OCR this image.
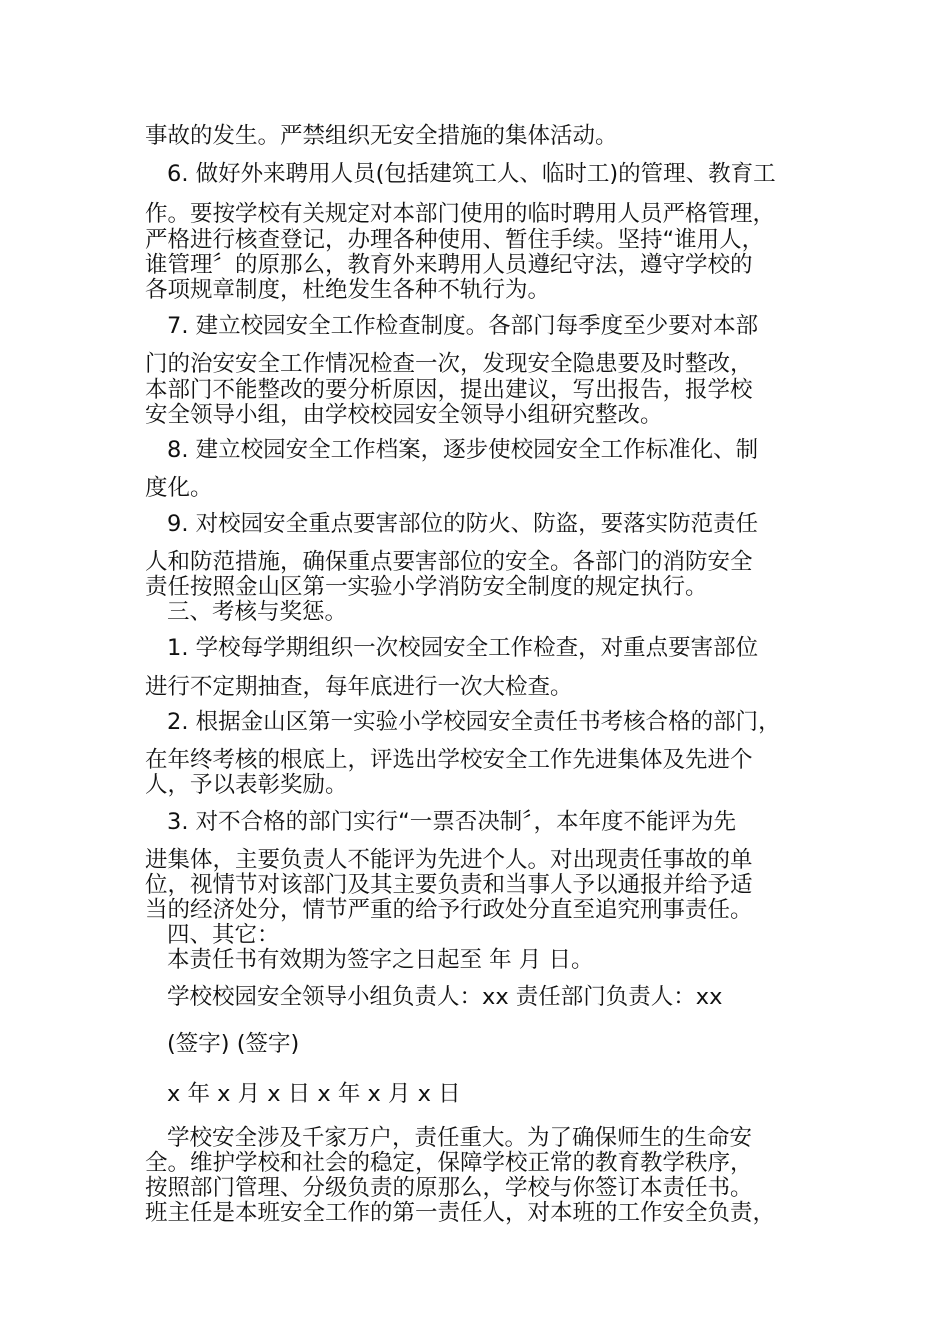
事故的发生。严禁组织无安全措施的集体活动。
6. 做好外来聘用人员(包括建筑工人、临时工)的管理、教育工
作。要按学校有关规定对本部门使用的临时聘用人员严格管理，
严格进行核查登记，办理各种使用、暂住手续。坚持“谁用人，
谁管理〞的原那么，教育外来聘用人员遵纪守法，遵守学校的
各项规章制度，杜绝发生各种不轨行为。
7. 建立校园安全工作检查制度。各部门每季度至少要对本部
门的治安安全工作情况检查一次，发现安全隐患要及时整改，
本部门不能整改的要分析原因，提出建议，写出报告，报学校
安全领导小组，由学校校园安全领导小组研究整改。
8. 建立校园安全工作档案，逐步使校园安全工作标准化、制
度化。
9. 对校园安全重点要害部位的防火、防盗，要落实防范责任
人和防范措施，确保重点要害部位的安全。各部门的消防安全
责任按照金山区第一实验小学消防安全制度的规定执行。
三、考核与奖惩。
1. 学校每学期组织一次校园安全工作检查，对重点要害部位
进行不定期抽查，每年底进行一次大检查。
2. 根据金山区第一实验小学校园安全责任书考核合格的部门，
在年终考核的根底上，评选出学校安全工作先进集体及先进个
人，予以表彰奖励。
3. 对不合格的部门实行“一票否决制〞，本年度不能评为先
进集体，主要负责人不能评为先进个人。对出现责任事故的单
位，视情节对该部门及其主要负责和当事人予以通报并给予适
当的经济处分，情节严重的给予行政处分直至追究刑事责任。
四、其它：
本责任书有效期为签字之日起至 年 月 日。
学校校园安全领导小组负责人：xx 责任部门负责人：xx
(签字) (签字)
x 年 x 月 x 日 x 年 x 月 x 日
学校安全涉及千家万户，责任重大。为了确保师生的生命安
全。维护学校和社会的稳定，保障学校正常的教育教学秩序，
按照部门管理、分级负责的原那么，学校与你签订本责任书。
班主任是本班安全工作的第一责任人，对本班的工作安全负责，
